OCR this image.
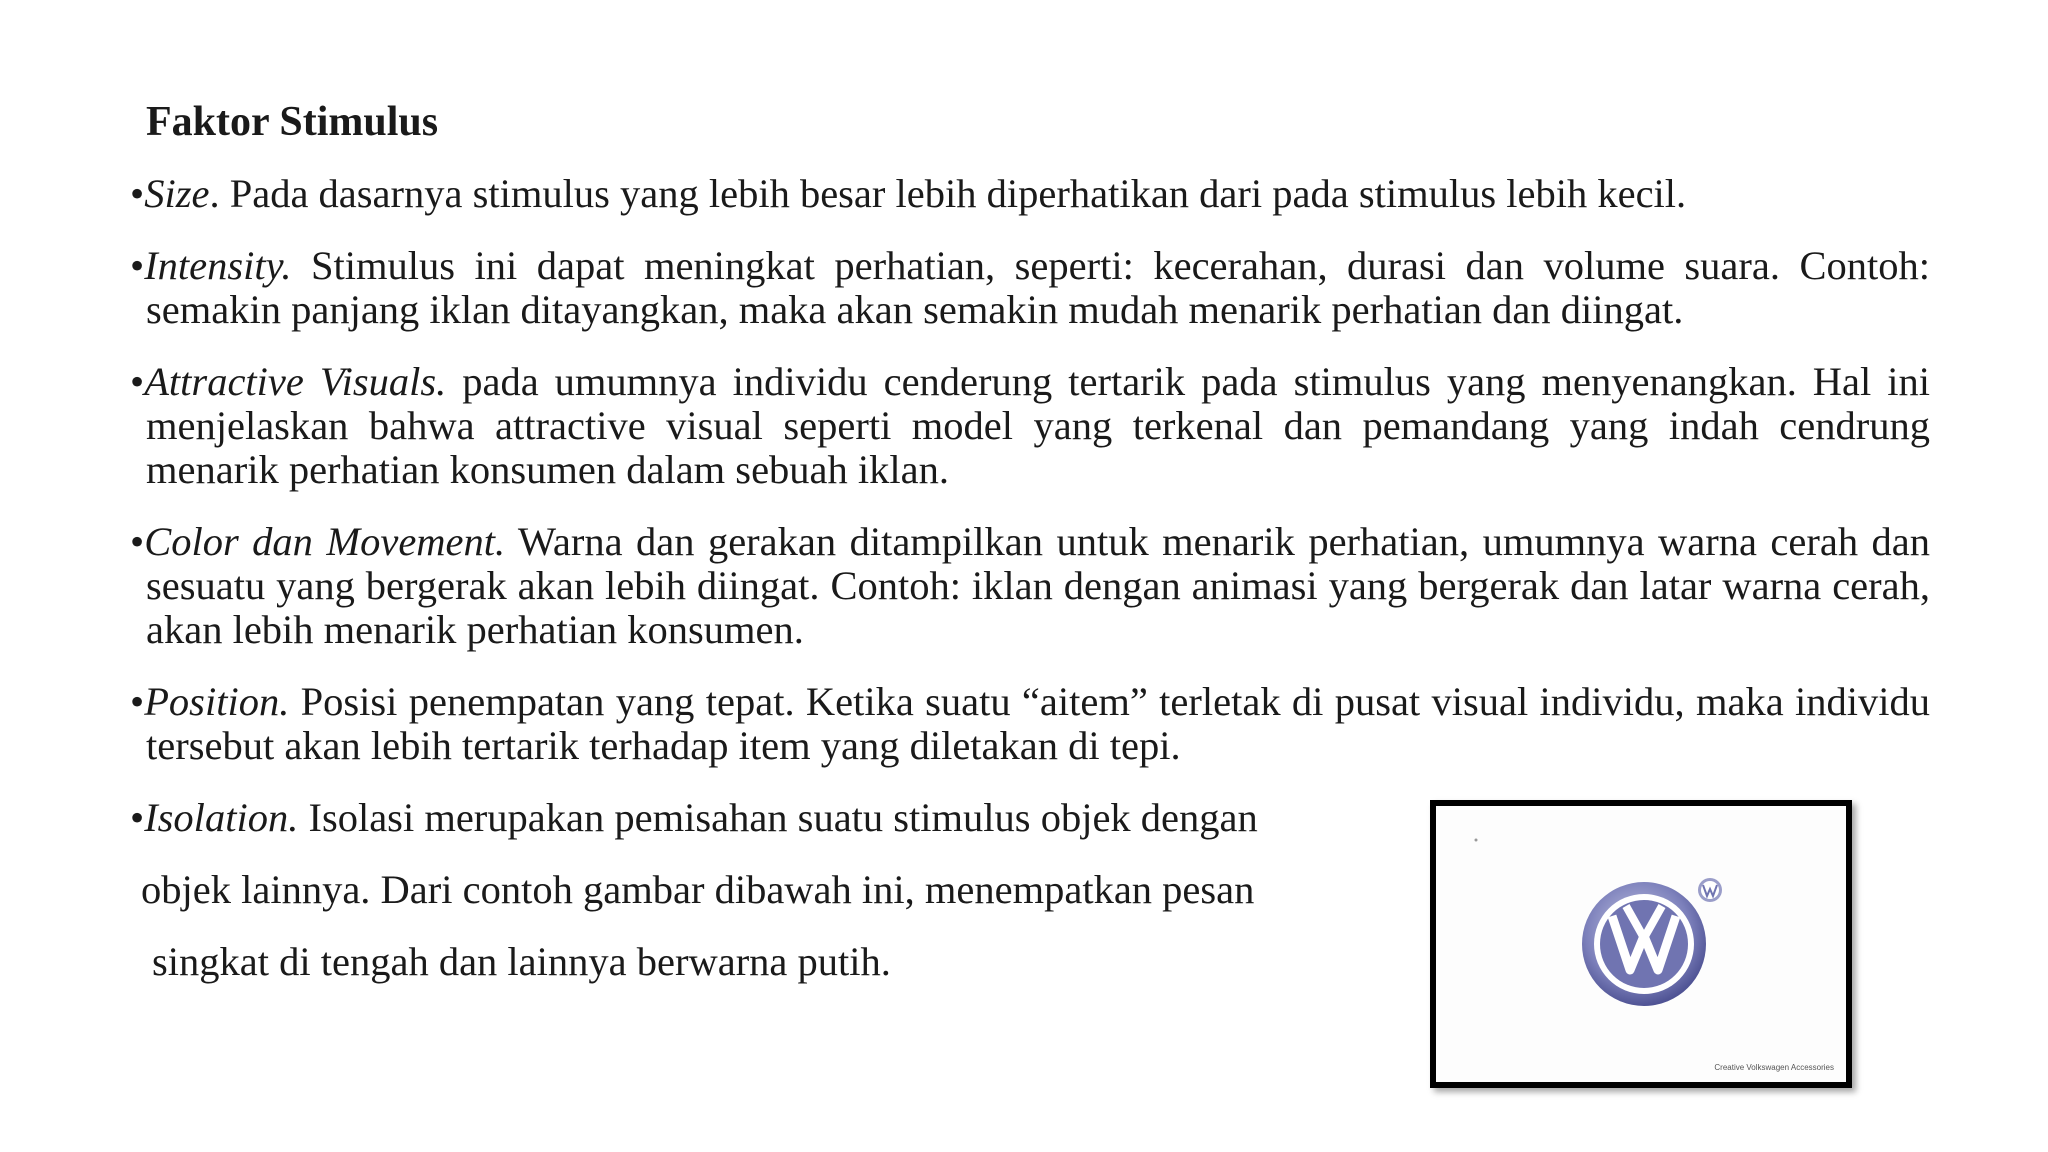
Faktor Stimulus
•Size. Pada dasarnya stimulus yang lebih besar lebih diperhatikan dari pada stimulus lebih kecil.
•Intensity. Stimulus ini dapat meningkat perhatian, seperti: kecerahan, durasi dan volume suara. Contoh: semakin panjang iklan ditayangkan, maka akan semakin mudah menarik perhatian dan diingat.
•Attractive Visuals. pada umumnya individu cenderung tertarik pada stimulus yang menyenangkan. Hal ini menjelaskan bahwa attractive visual seperti model yang terkenal dan pemandang yang indah cendrung menarik perhatian konsumen dalam sebuah iklan.
•Color dan Movement. Warna dan gerakan ditampilkan untuk menarik perhatian, umumnya warna cerah dan sesuatu yang bergerak akan lebih diingat. Contoh: iklan dengan animasi yang bergerak dan latar warna cerah, akan lebih menarik perhatian konsumen.
•Position. Posisi penempatan yang tepat. Ketika suatu “aitem” terletak di pusat visual individu, maka individu tersebut akan lebih tertarik terhadap item yang diletakan di tepi.
•Isolation. Isolasi merupakan pemisahan suatu stimulus objek dengan
objek lainnya. Dari contoh gambar dibawah ini, menempatkan pesan
singkat di tengah dan lainnya berwarna putih.
Creative Volkswagen Accessories
